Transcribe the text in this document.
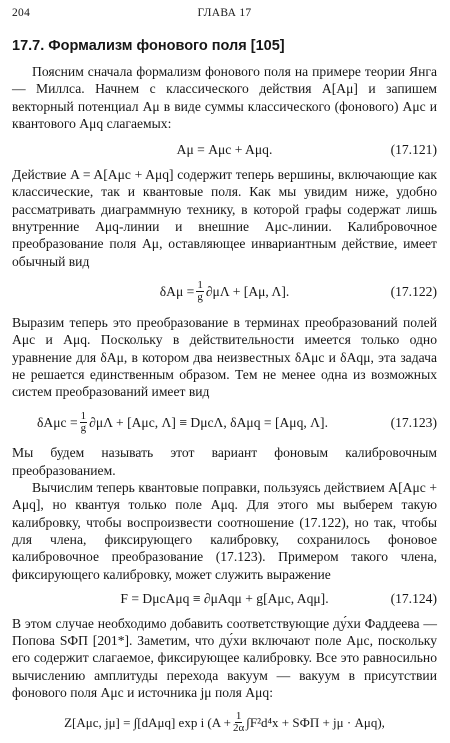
204	ГЛАВА 17
17.7. Формализм фонового поля [105]

Поясним сначала формализм фонового поля на примере теории Янга — Миллса. Начнем с классического действия A[Aμ] и запишем векторный потенциал Aμ в виде суммы классического (фонового) Aμc и квантового Aμq слагаемых:

Aμ = Aμc + Aμq.	(17.121)

Действие A = A[Aμc + Aμq] содержит теперь вершины, включающие как классические, так и квантовые поля. Как мы увидим ниже, удобно рассматривать диаграммную технику, в которой графы содержат лишь внутренние Aμq-линии и внешние Aμc-линии. Калибровочное преобразование поля Aμ, оставляющее инвариантным действие, имеет обычный вид

$\delta A\mu = \frac{1}{g} \partial\mu\Lambda + [A\mu$, Λ].	(17.122)

Выразим теперь это преобразование в терминах преобразований полей Aμc и Aμq. Поскольку в действительности имеется только одно уравнение для δAμ, в котором два неизвестных δAμc и δAqμ, эта задача не решается единственным образом. Тем не менее одна из возможных систем преобразований имеет вид

$\delta A\mu c = \frac{1}{g} \partial\mu\Lambda + [A\mu c$, Λ] ≡ DμcΛ, δAμq = [Aμq, Λ].	(17.123)

Мы будем называть этот вариант фоновым калибровочным преобразованием.

Вычислим теперь квантовые поправки, пользуясь действием A[Aμc + Aμq], но квантуя только поле Aμq. Для этого мы выберем такую калибровку, чтобы воспроизвести соотношение (17.122), но так, чтобы для члена, фиксирующего калибровку, сохранилось фоновое калибровочное преобразование (17.123). Примером такого члена, фиксирующего калибровку, может служить выражение

F = DμcAμq ≡ ∂μAqμ + g[Aμc, Aqμ].	(17.124)

В этом случае необходимо добавить соответствующие ду́хи Фаддеева — Попова SФП [201*]. Заметим, что ду́хи включают поле Aμc, поскольку его содержит слагаемое, фиксирующее калибровку. Все это равносильно вычислению амплитуды перехода вакуум — вакуум в присутствии фонового поля Aμc и источника jμ поля Aμq:

Z[Aμc, jμ] = ∫[dAμq] exp i ($A + \frac{1}{2\alpha} \int F^2d^4x$ + SФП + jμ · Aμq),
